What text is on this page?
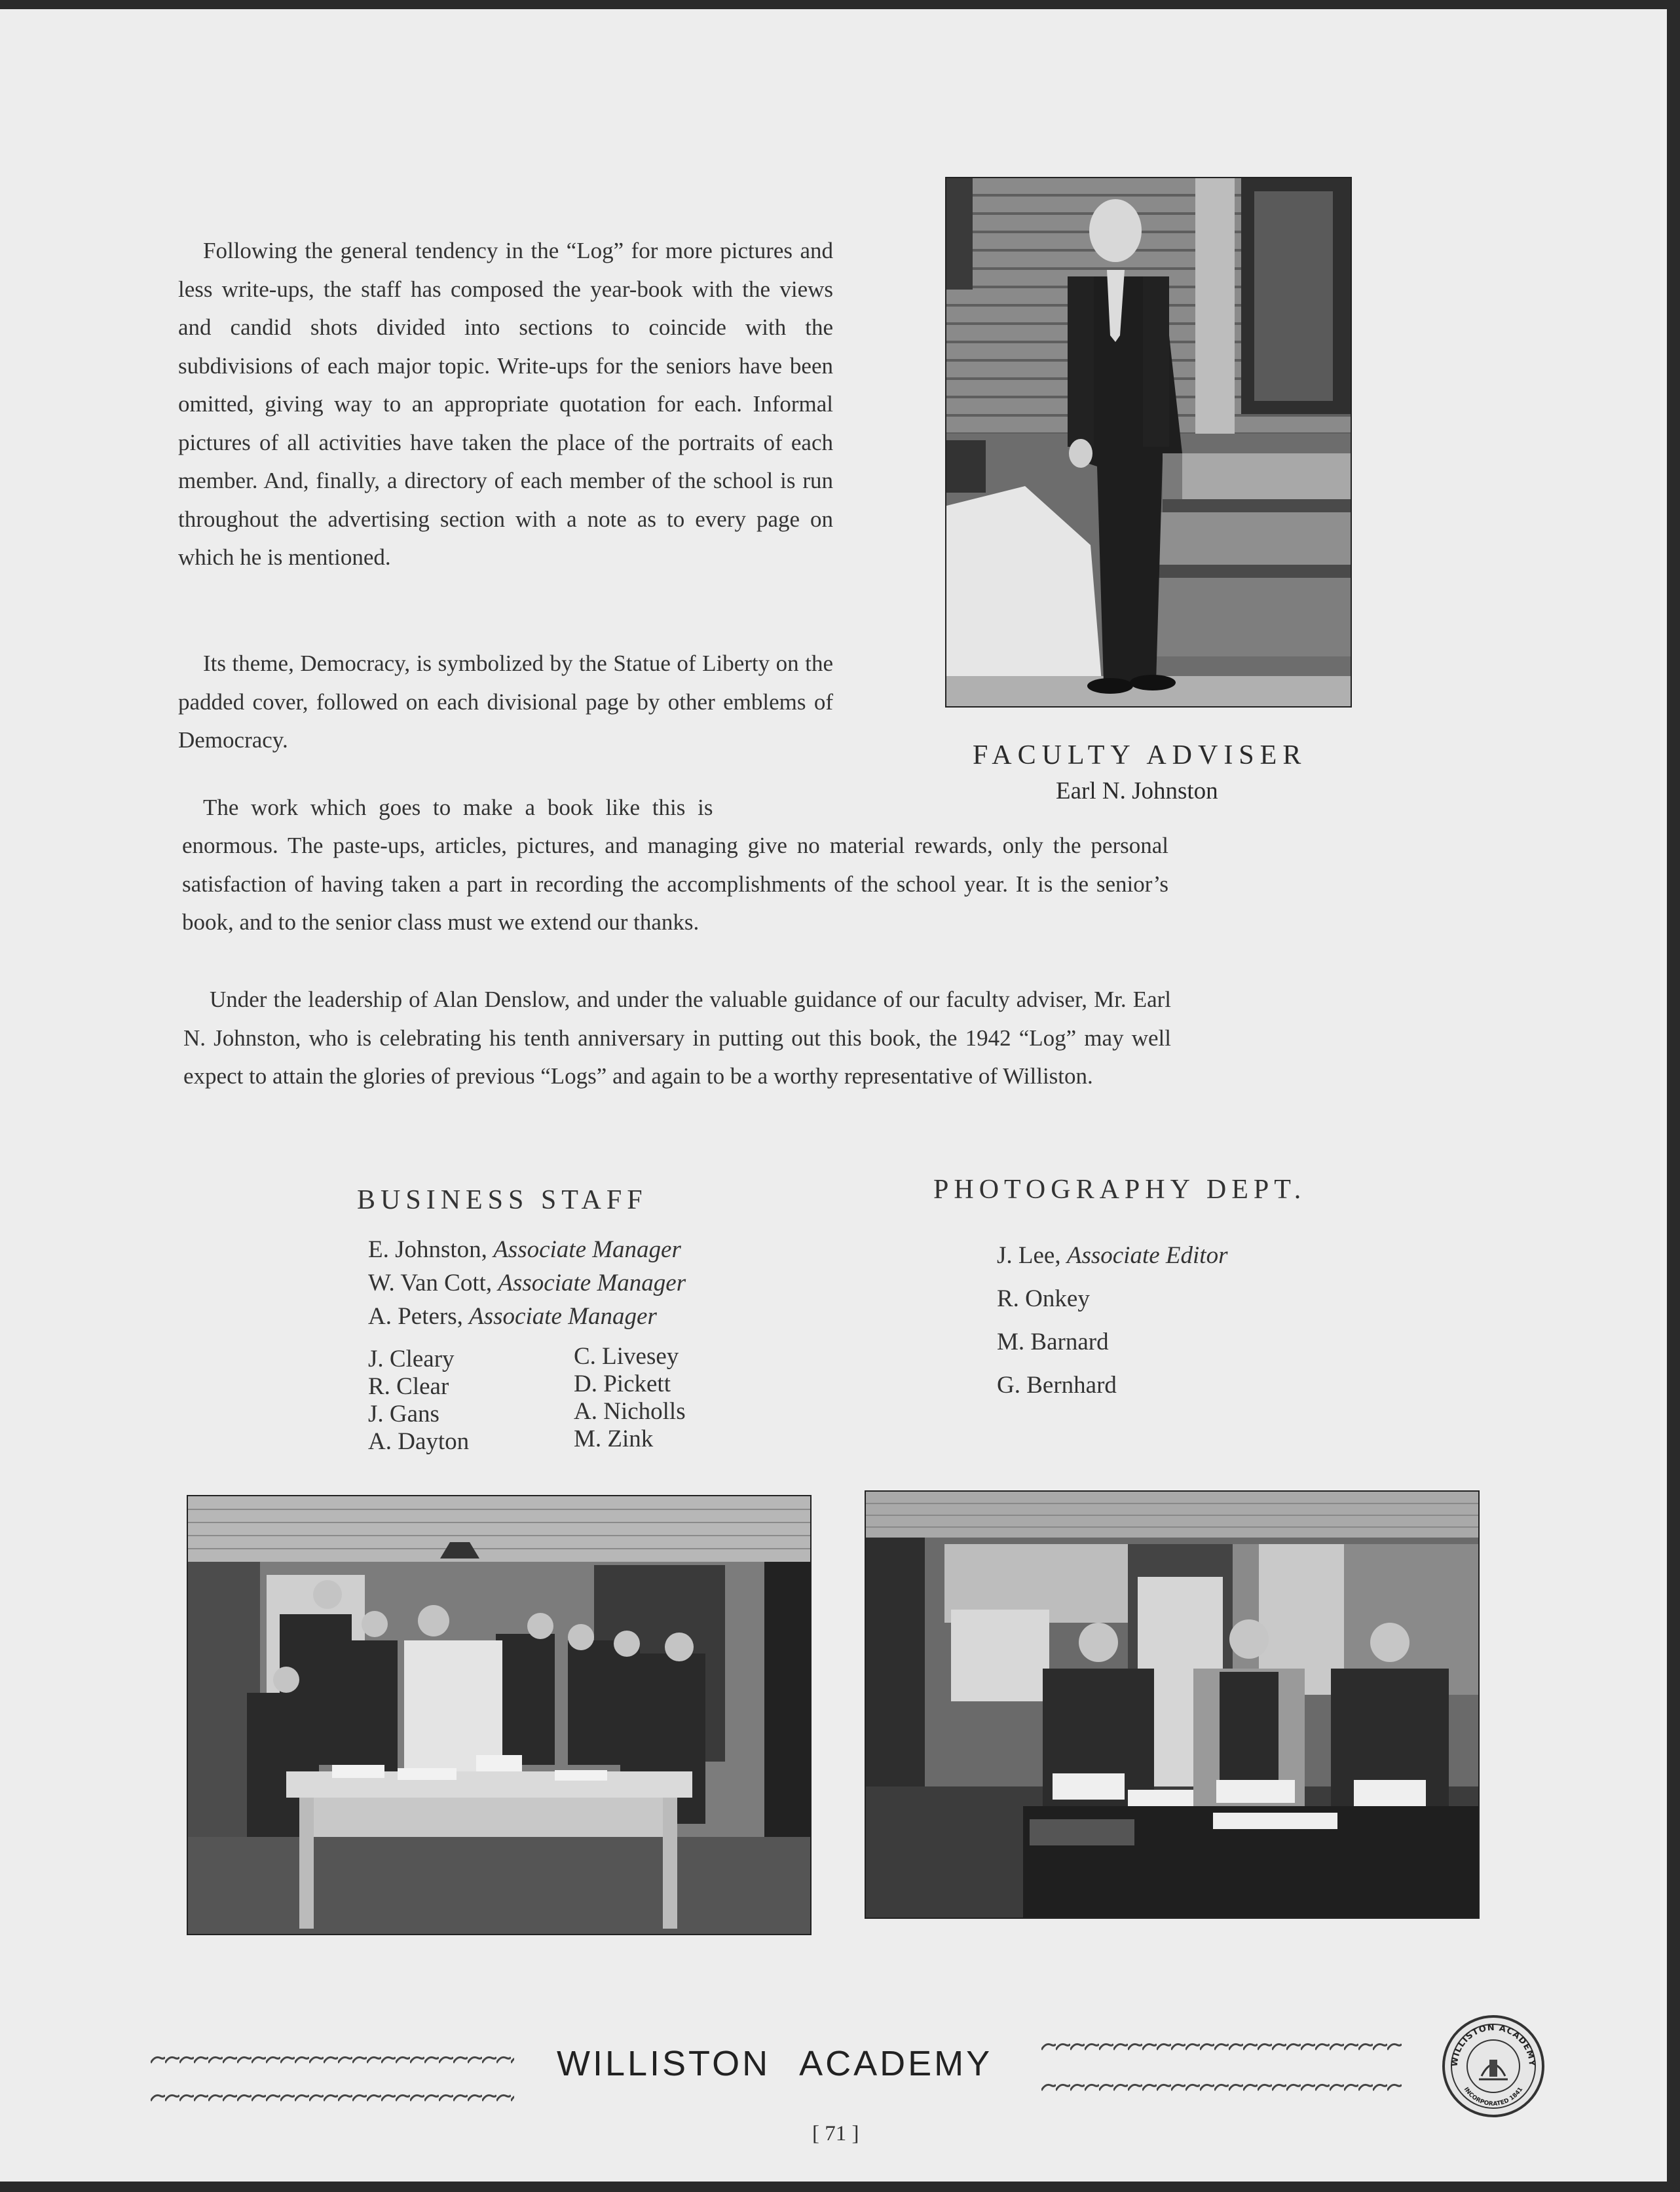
Following the general tendency in the “Log” for more pictures and less write-ups, the staff has composed the year-book with the views and candid shots divided into sections to coincide with the subdivisions of each major topic. Write-ups for the seniors have been omitted, giving way to an appropriate quotation for each. Informal pictures of all activities have taken the place of the portraits of each member. And, finally, a directory of each member of the school is run throughout the advertising section with a note as to every page on which he is mentioned.

Its theme, Democracy, is symbolized by the Statue of Liberty on the padded cover, followed on each divisional page by other emblems of Democracy.

The work which goes to make a book like this is

enormous. The paste-ups, articles, pictures, and managing give no material rewards, only the personal satisfaction of having taken a part in recording the accomplishments of the school year. It is the senior’s book, and to the senior class must we extend our thanks.

Under the leadership of Alan Denslow, and under the valuable guidance of our faculty adviser, Mr. Earl N. Johnston, who is celebrating his tenth anniversary in putting out this book, the 1942 “Log” may well expect to attain the glories of previous “Logs” and again to be a worthy representative of Williston.

FACULTY ADVISER
Earl N. Johnston
BUSINESS STAFF
E. Johnston, Associate Manager
W. Van Cott, Associate Manager
A. Peters, Associate Manager
J. Cleary
R. Clear
J. Gans
A. Dayton
C. Livesey
D. Pickett
A. Nicholls
M. Zink
PHOTOGRAPHY DEPT.
J. Lee, Associate Editor
R. Onkey
M. Barnard
G. Bernhard
WILLISTON ACADEMY
[ 71 ]
WILLISTON ACADEMY
INCORPORATED 1841
